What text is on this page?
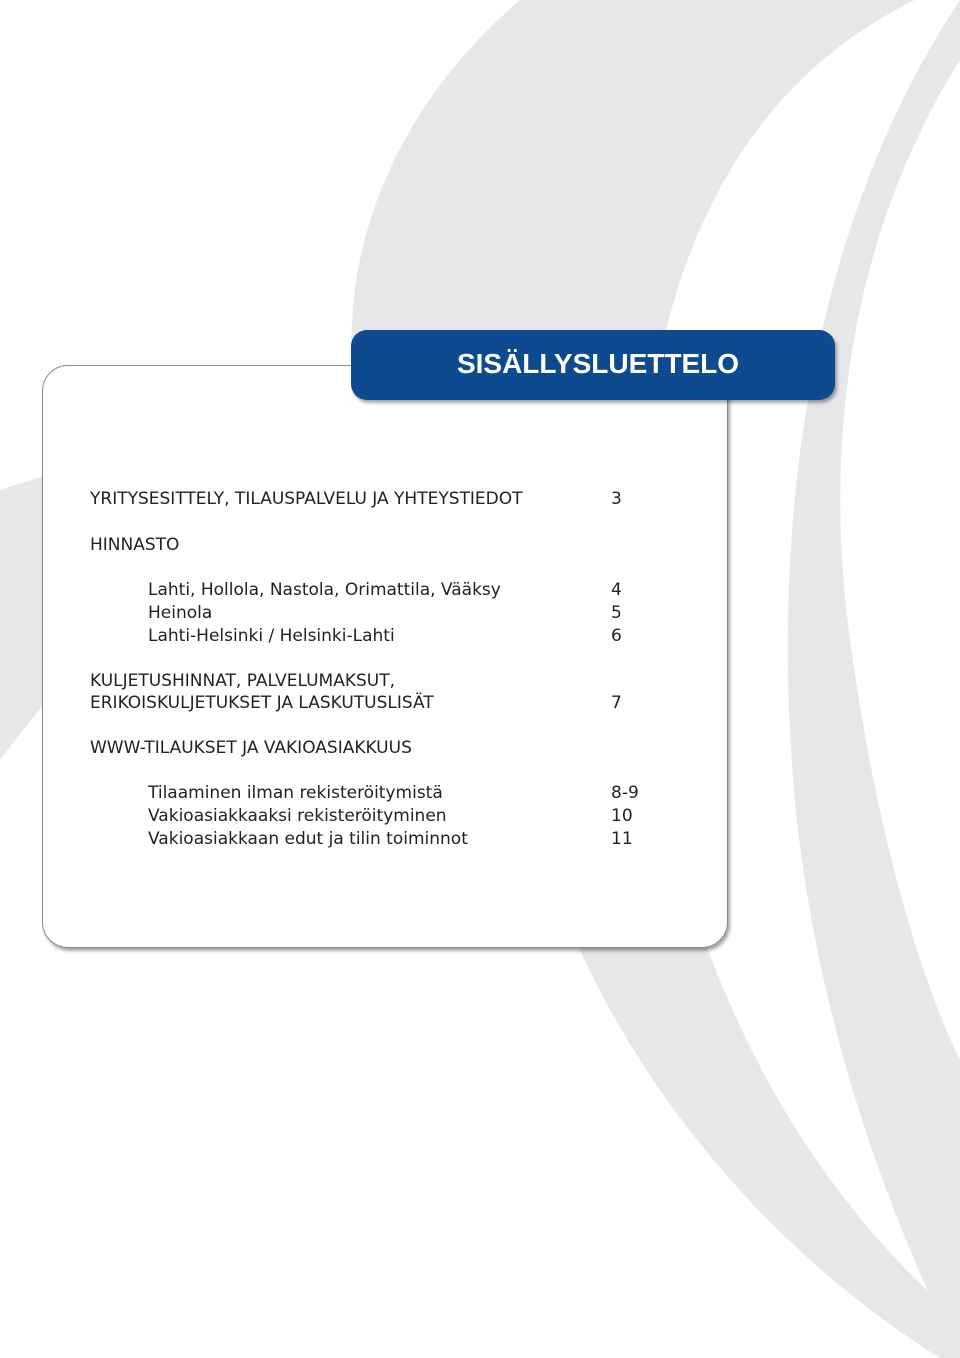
YRITYSESITTELY, TILAUSPALVELU JA YHTEYSTIEDOT	3
HINNASTO
Lahti, Hollola, Nastola, Orimattila, Vääksy	4
Heinola	5
Lahti-Helsinki / Helsinki-Lahti	6
KULJETUSHINNAT, PALVELUMAKSUT,
ERIKOISKULJETUKSET JA LASKUTUSLISÄT	7
WWW-TILAUKSET JA VAKIOASIAKKUUS
Tilaaminen ilman rekisteröitymistä	8-9
Vakioasiakkaaksi rekisteröityminen	10
Vakioasiakkaan edut ja tilin toiminnot	11
SISÄLLYSLUETTELO
